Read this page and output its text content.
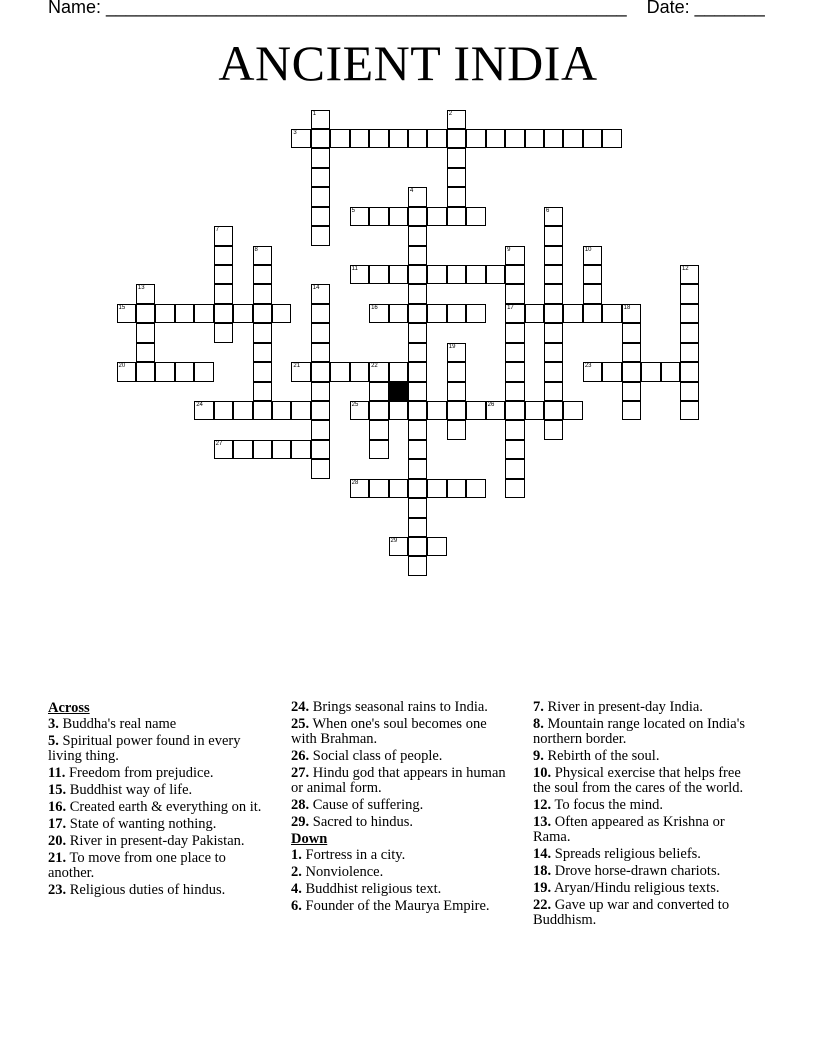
Name: ____________________________________________________ Date: _______
ANCIENT INDIA
1	2
3
4
5	6
7
8	9
17
10
11	12
13	14
15	16	18
19
20	21	22	23
24	25	26
27
28
29
Across
3. Buddha's real name
5. Spiritual power found in every living thing.
11. Freedom from prejudice.
15. Buddhist way of life.
16. Created earth & everything on it.
17. State of wanting nothing.
20. River in present-day Pakistan.
21. To move from one place to another.
23. Religious duties of hindus.
24. Brings seasonal rains to India.
25. When one's soul becomes one with Brahman.
26. Social class of people.
27. Hindu god that appears in human or animal form.
28. Cause of suffering.
29. Sacred to hindus.
Down
1. Fortress in a city.
2. Nonviolence.
4. Buddhist religious text.
6. Founder of the Maurya Empire.
7. River in present-day India.
8. Mountain range located on India's northern border.
9. Rebirth of the soul.
10. Physical exercise that helps free the soul from the cares of the world.
12. To focus the mind.
13. Often appeared as Krishna or Rama.
14. Spreads religious beliefs.
18. Drove horse-drawn chariots.
19. Aryan/Hindu religious texts.
22. Gave up war and converted to Buddhism.
